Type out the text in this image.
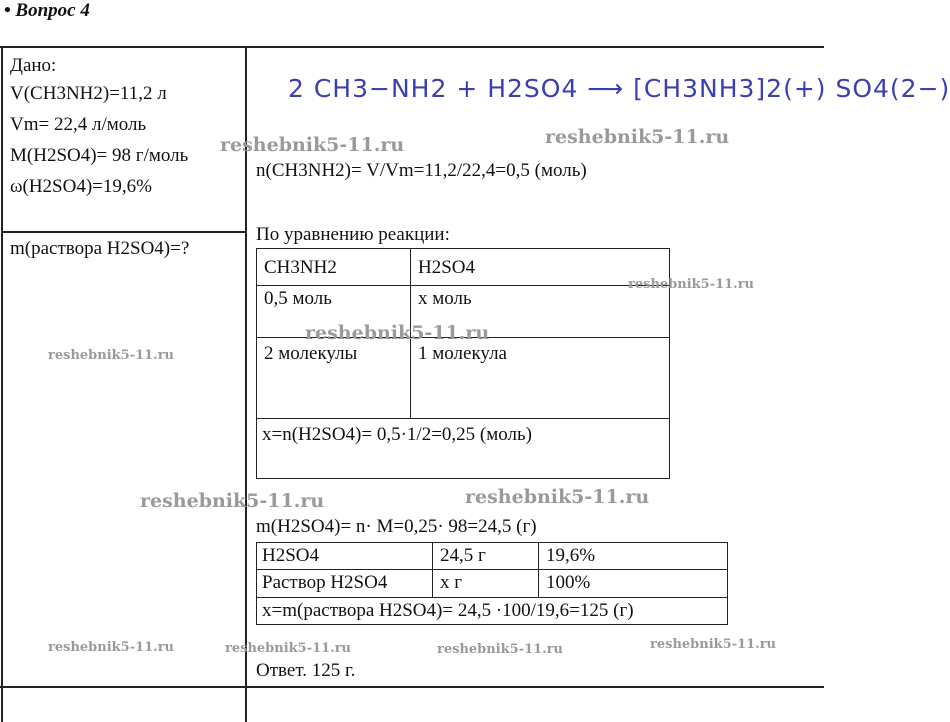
• Вопрос 4
Дано:
V(CH3NH2)=11,2 л
Vm= 22,4 л/моль
M(H2SO4)= 98 г/моль
ω(H2SO4)=19,6%
m(раствора H2SO4)=?
2 CH3−NH2 + H2SO4 ⟶ [CH3NH3]2(+) SO4(2−)
n(CH3NH2)= V/Vm=11,2/22,4=0,5 (моль)
По уравнению реакции:
CH3NH2	H2SO4
0,5 моль	x моль
2 молекулы	1 молекула
x=n(H2SO4)= 0,5·1/2=0,25 (моль)
m(H2SO4)= n· M=0,25· 98=24,5 (г)
H2SO4	24,5 г	19,6%
Раствор H2SO4	x г	100%
x=m(раствора H2SO4)= 24,5 ·100/19,6=125 (г)
Ответ. 125 г.
reshebnik5-11.ru	reshebnik5-11.ru
reshebnik5-11.ru
reshebnik5-11.ru
reshebnik5-11.ru
reshebnik5-11.ru	reshebnik5-11.ru
reshebnik5-11.ru	reshebnik5-11.ru	reshebnik5-11.ru	reshebnik5-11.ru
